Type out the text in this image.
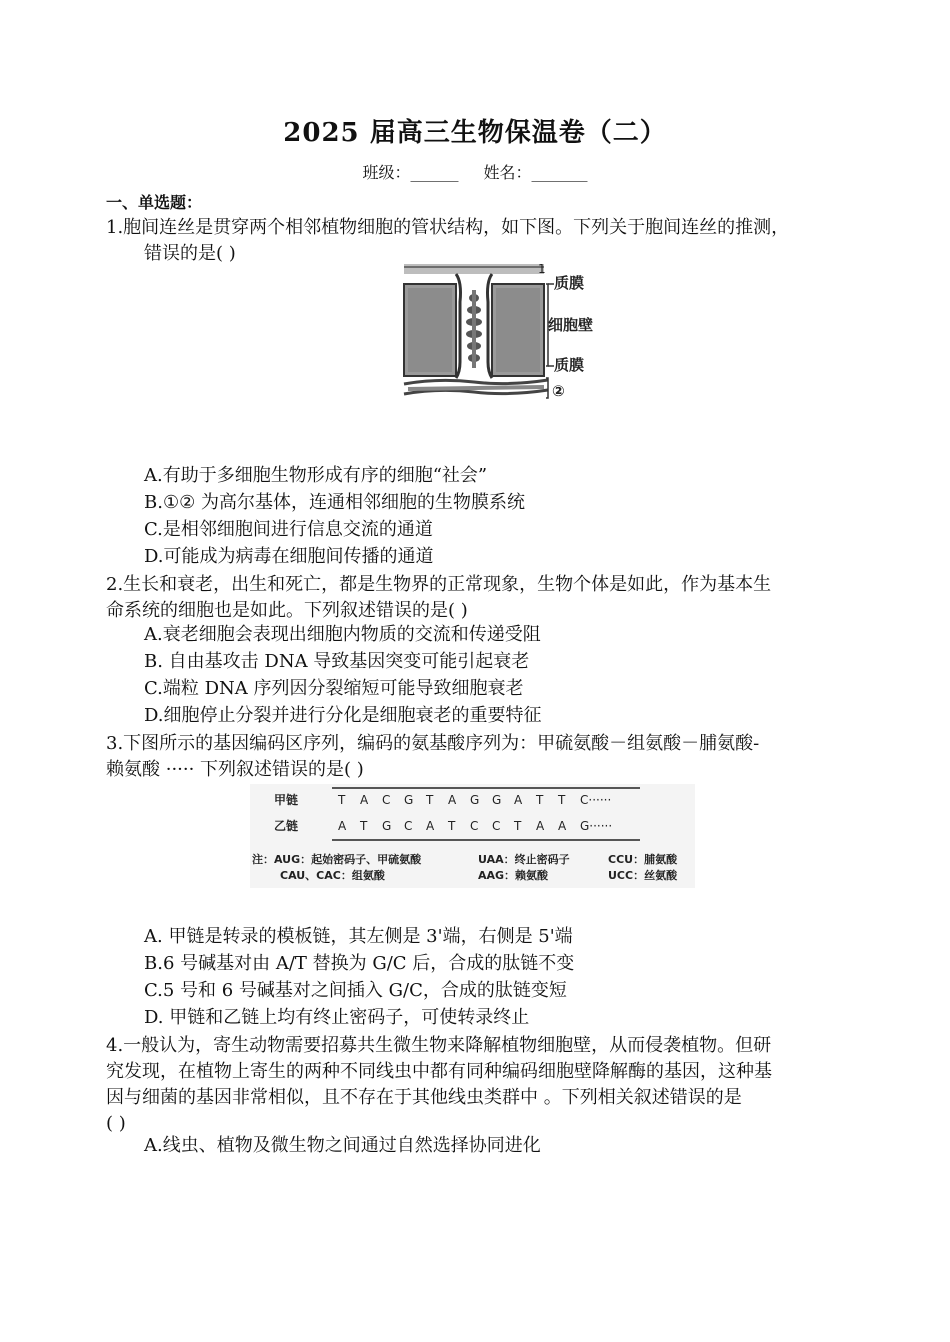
2025 届高三生物保温卷（二）
班级：______ 姓名：_______
一、单选题：
1.胞间连丝是贯穿两个相邻植物细胞的管状结构，如下图。下列关于胞间连丝的推测，
错误的是( )
1
质膜
细胞壁
质膜
②
A.有助于多细胞生物形成有序的细胞“社会”
B.①② 为高尔基体，连通相邻细胞的生物膜系统
C.是相邻细胞间进行信息交流的通道
D.可能成为病毒在细胞间传播的通道
2.生长和衰老，出生和死亡，都是生物界的正常现象，生物个体是如此，作为基本生
命系统的细胞也是如此。下列叙述错误的是( )
A.衰老细胞会表现出细胞内物质的交流和传递受阻
B. 自由基攻击 DNA 导致基因突变可能引起衰老
C.端粒 DNA 序列因分裂缩短可能导致细胞衰老
D.细胞停止分裂并进行分化是细胞衰老的重要特征
3.下图所示的基因编码区序列，编码的氨基酸序列为：甲硫氨酸－组氨酸－脯氨酸-
赖氨酸 ····· 下列叙述错误的是( )
甲链
乙链
T A C G T A G G A T T C······
A T G C A T C C T A A G······
注：AUG：起始密码子、甲硫氨酸	UAA：终止密码子	CCU：脯氨酸
CAU、CAC：组氨酸	AAG：赖氨酸	UCC：丝氨酸
A. 甲链是转录的模板链，其左侧是 3'端，右侧是 5'端
B.6 号碱基对由 A/T 替换为 G/C 后，合成的肽链不变
C.5 号和 6 号碱基对之间插入 G/C，合成的肽链变短
D. 甲链和乙链上均有终止密码子，可使转录终止
4.一般认为，寄生动物需要招募共生微生物来降解植物细胞壁，从而侵袭植物。但研
究发现，在植物上寄生的两种不同线虫中都有同种编码细胞壁降解酶的基因，这种基
因与细菌的基因非常相似，且不存在于其他线虫类群中 。下列相关叙述错误的是
( )
A.线虫、植物及微生物之间通过自然选择协同进化
